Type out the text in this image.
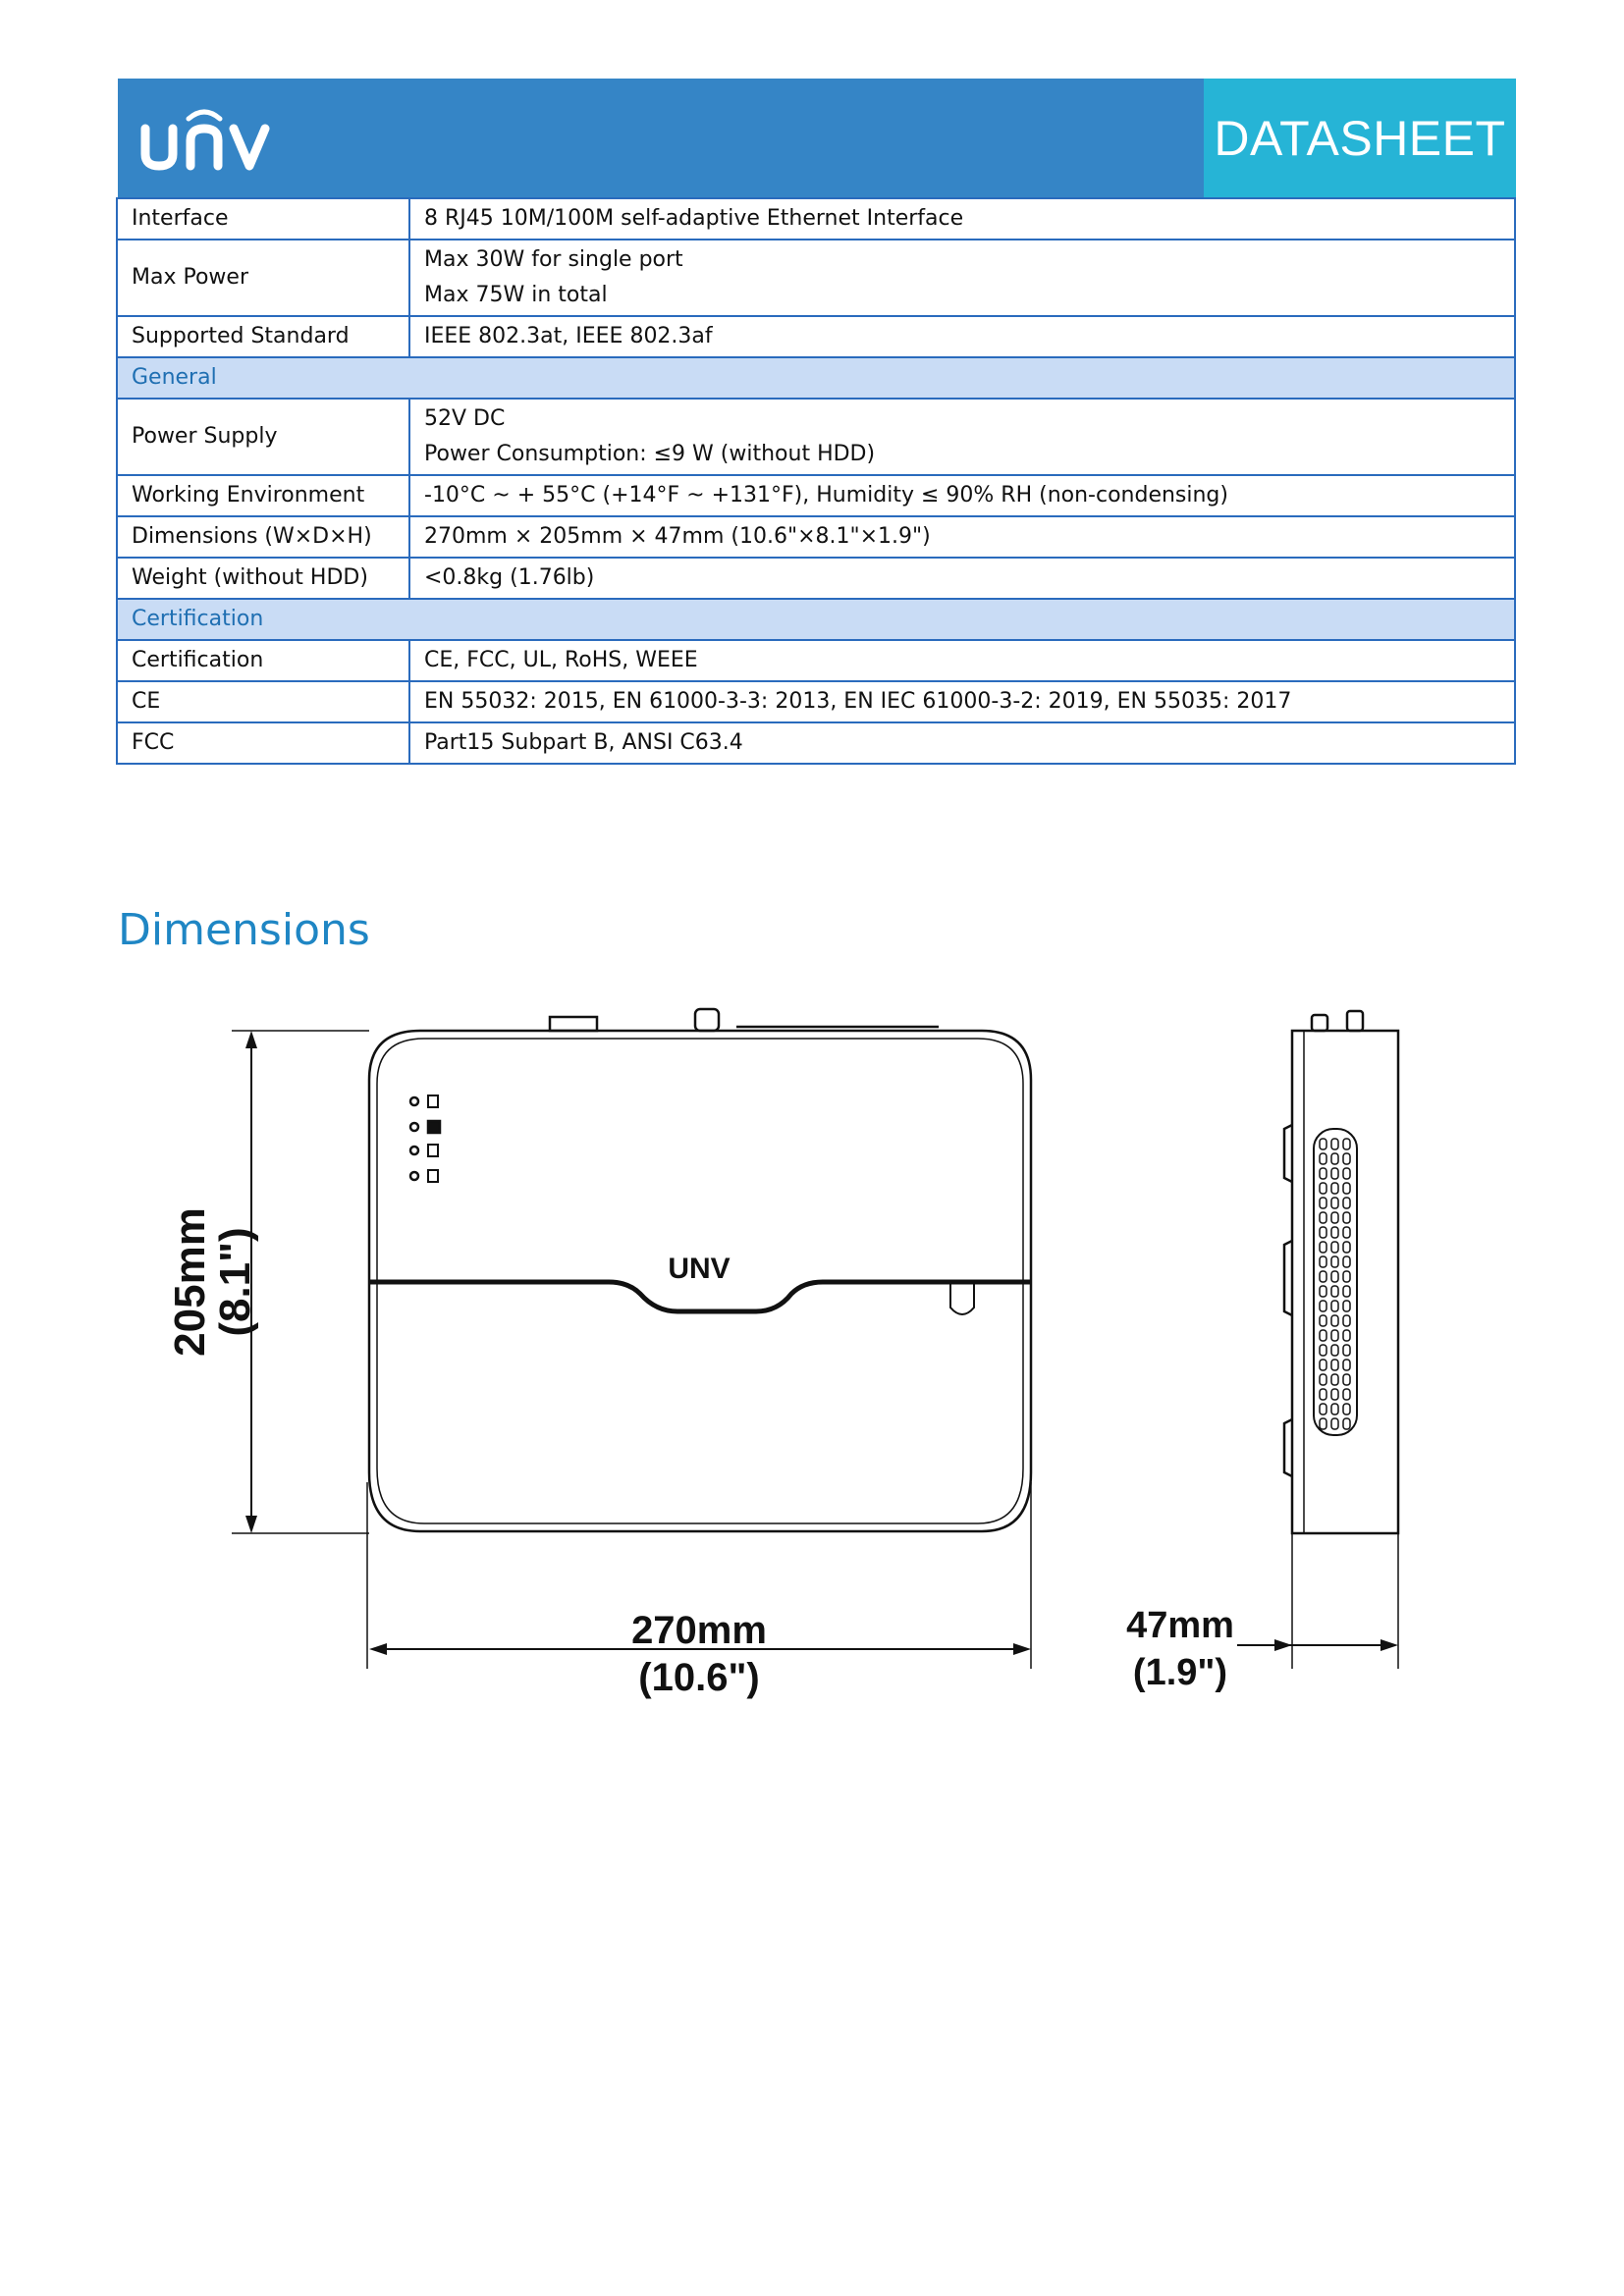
DATASHEET
Interface	8 RJ45 10M/100M self-adaptive Ethernet Interface

Max Power	Max 30W for single port
Max 75W in total

Supported Standard	IEEE 802.3at, IEEE 802.3af

General	
Power Supply	52V DC
Power Consumption: ≤9 W (without HDD)

Working Environment	-10°C ~ + 55°C (+14°F ~ +131°F), Humidity ≤ 90% RH (non-condensing)

Dimensions (W×D×H)	270mm × 205mm × 47mm (10.6"×8.1"×1.9")

Weight (without HDD)	<0.8kg (1.76lb)

Certification	
Certification	CE, FCC, UL, RoHS, WEEE

CE	EN 55032: 2015, EN 61000-3-3: 2013, EN IEC 61000-3-2: 2019, EN 55035: 2017

FCC	Part15 Subpart B, ANSI C63.4
Dimensions
UNV
205mm
(8.1")
270mm
(10.6")
47mm
(1.9")
